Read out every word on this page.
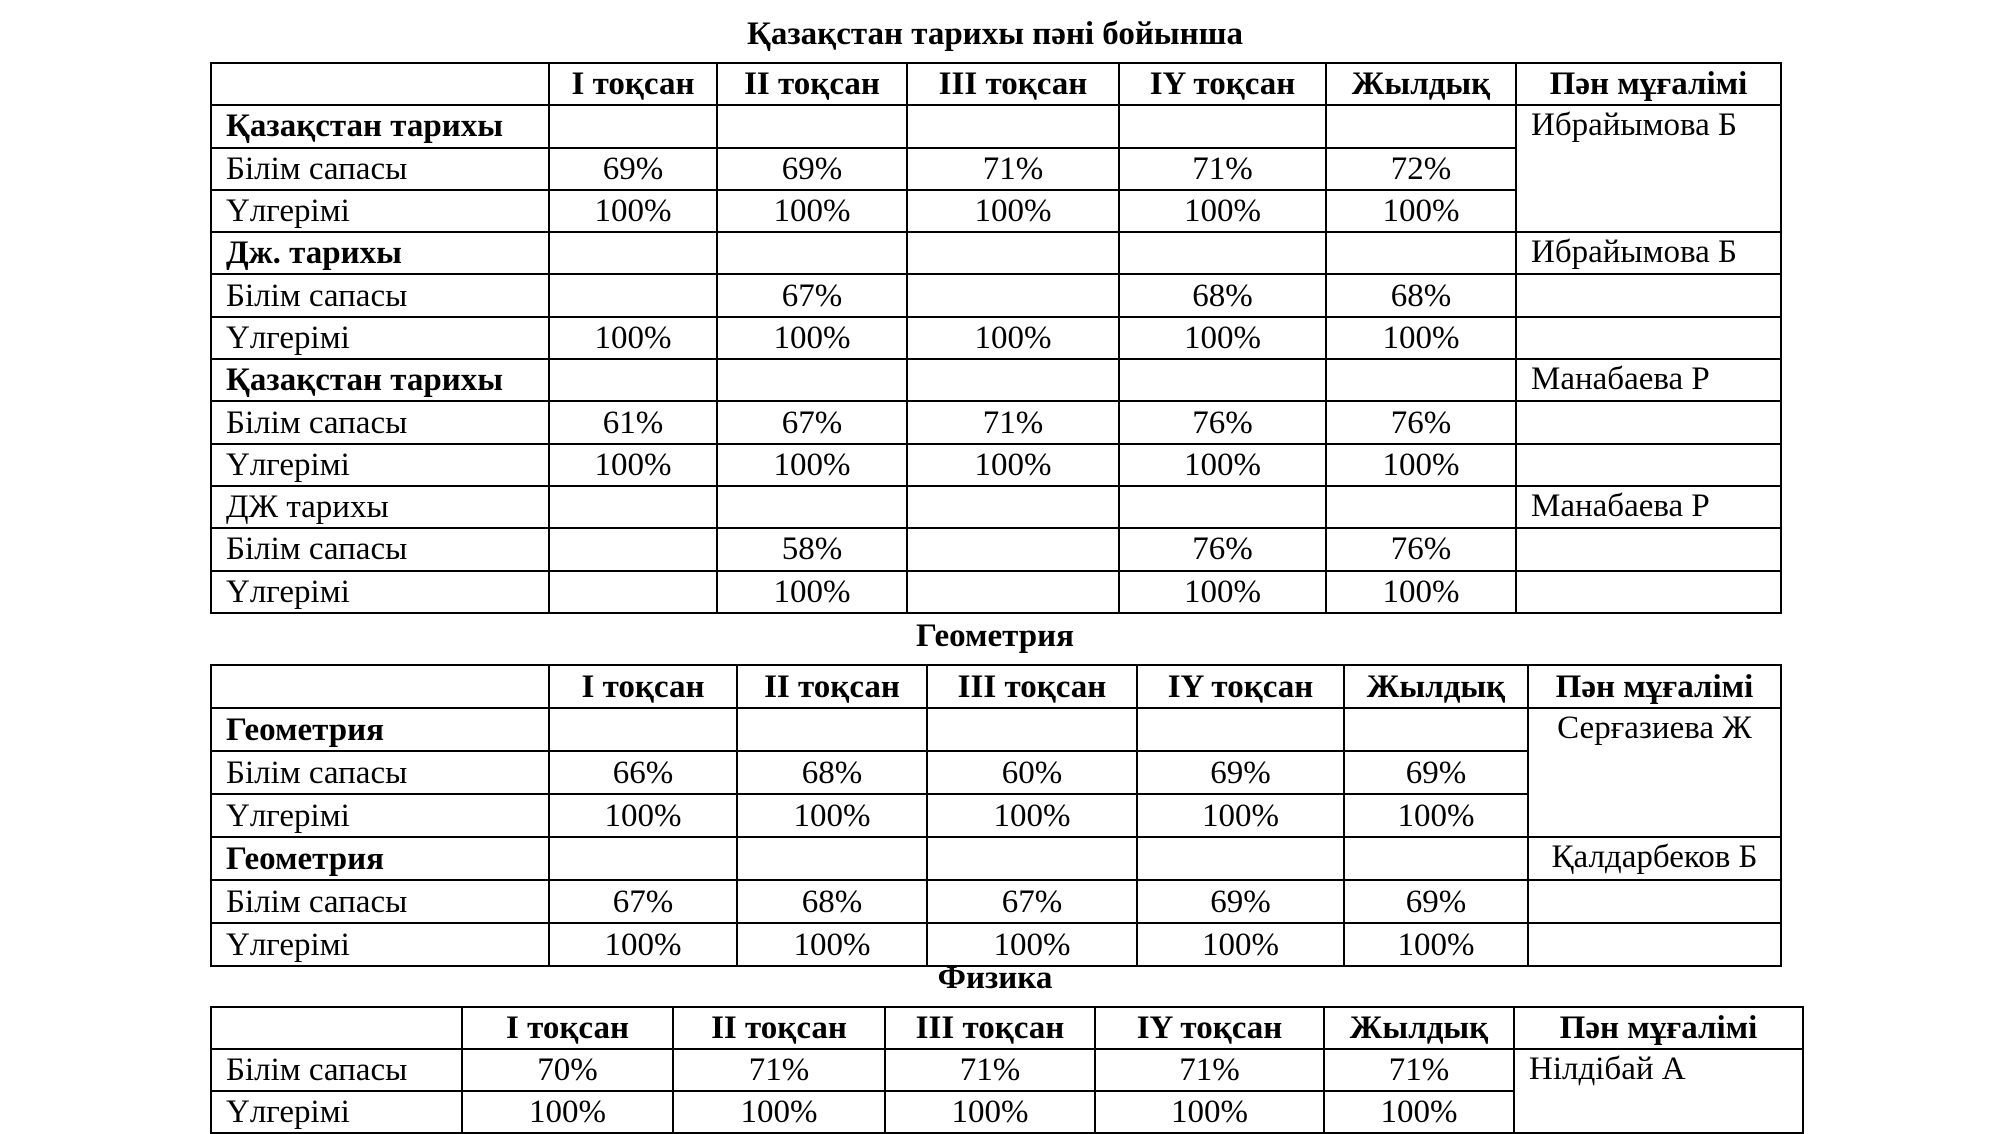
Қазақстан тарихы пәні бойынша
	I тоқсан	II тоқсан	III тоқсан	IY тоқсан	Жылдық	Пән мұғалімі
Қазақстан тарихы						Ибрайымова Б
Білім сапасы	69%	69%	71%	71%	72%	
Үлгерімі	100%	100%	100%	100%	100%	
Дж. тарихы						Ибрайымова Б
Білім сапасы		67%		68%	68%	
Үлгерімі	100%	100%	100%	100%	100%	
Қазақстан тарихы						Манабаева Р
Білім сапасы	61%	67%	71%	76%	76%	
Үлгерімі	100%	100%	100%	100%	100%	
ДЖ тарихы						Манабаева Р
Білім сапасы		58%		76%	76%	
Үлгерімі		100%		100%	100%	
Геометрия
	I тоқсан	II тоқсан	III тоқсан	IY тоқсан	Жылдық	Пән мұғалімі
Геометрия						Серғазиева Ж
Білім сапасы	66%	68%	60%	69%	69%	
Үлгерімі	100%	100%	100%	100%	100%	
Геометрия						Қалдарбеков Б
Білім сапасы	67%	68%	67%	69%	69%	
Үлгерімі	100%	100%	100%	100%	100%	
Физика
	I тоқсан	II тоқсан	III тоқсан	IY тоқсан	Жылдық	Пән мұғалімі
Білім сапасы	70%	71%	71%	71%	71%	Нілдібай А
Үлгерімі	100%	100%	100%	100%	100%	
